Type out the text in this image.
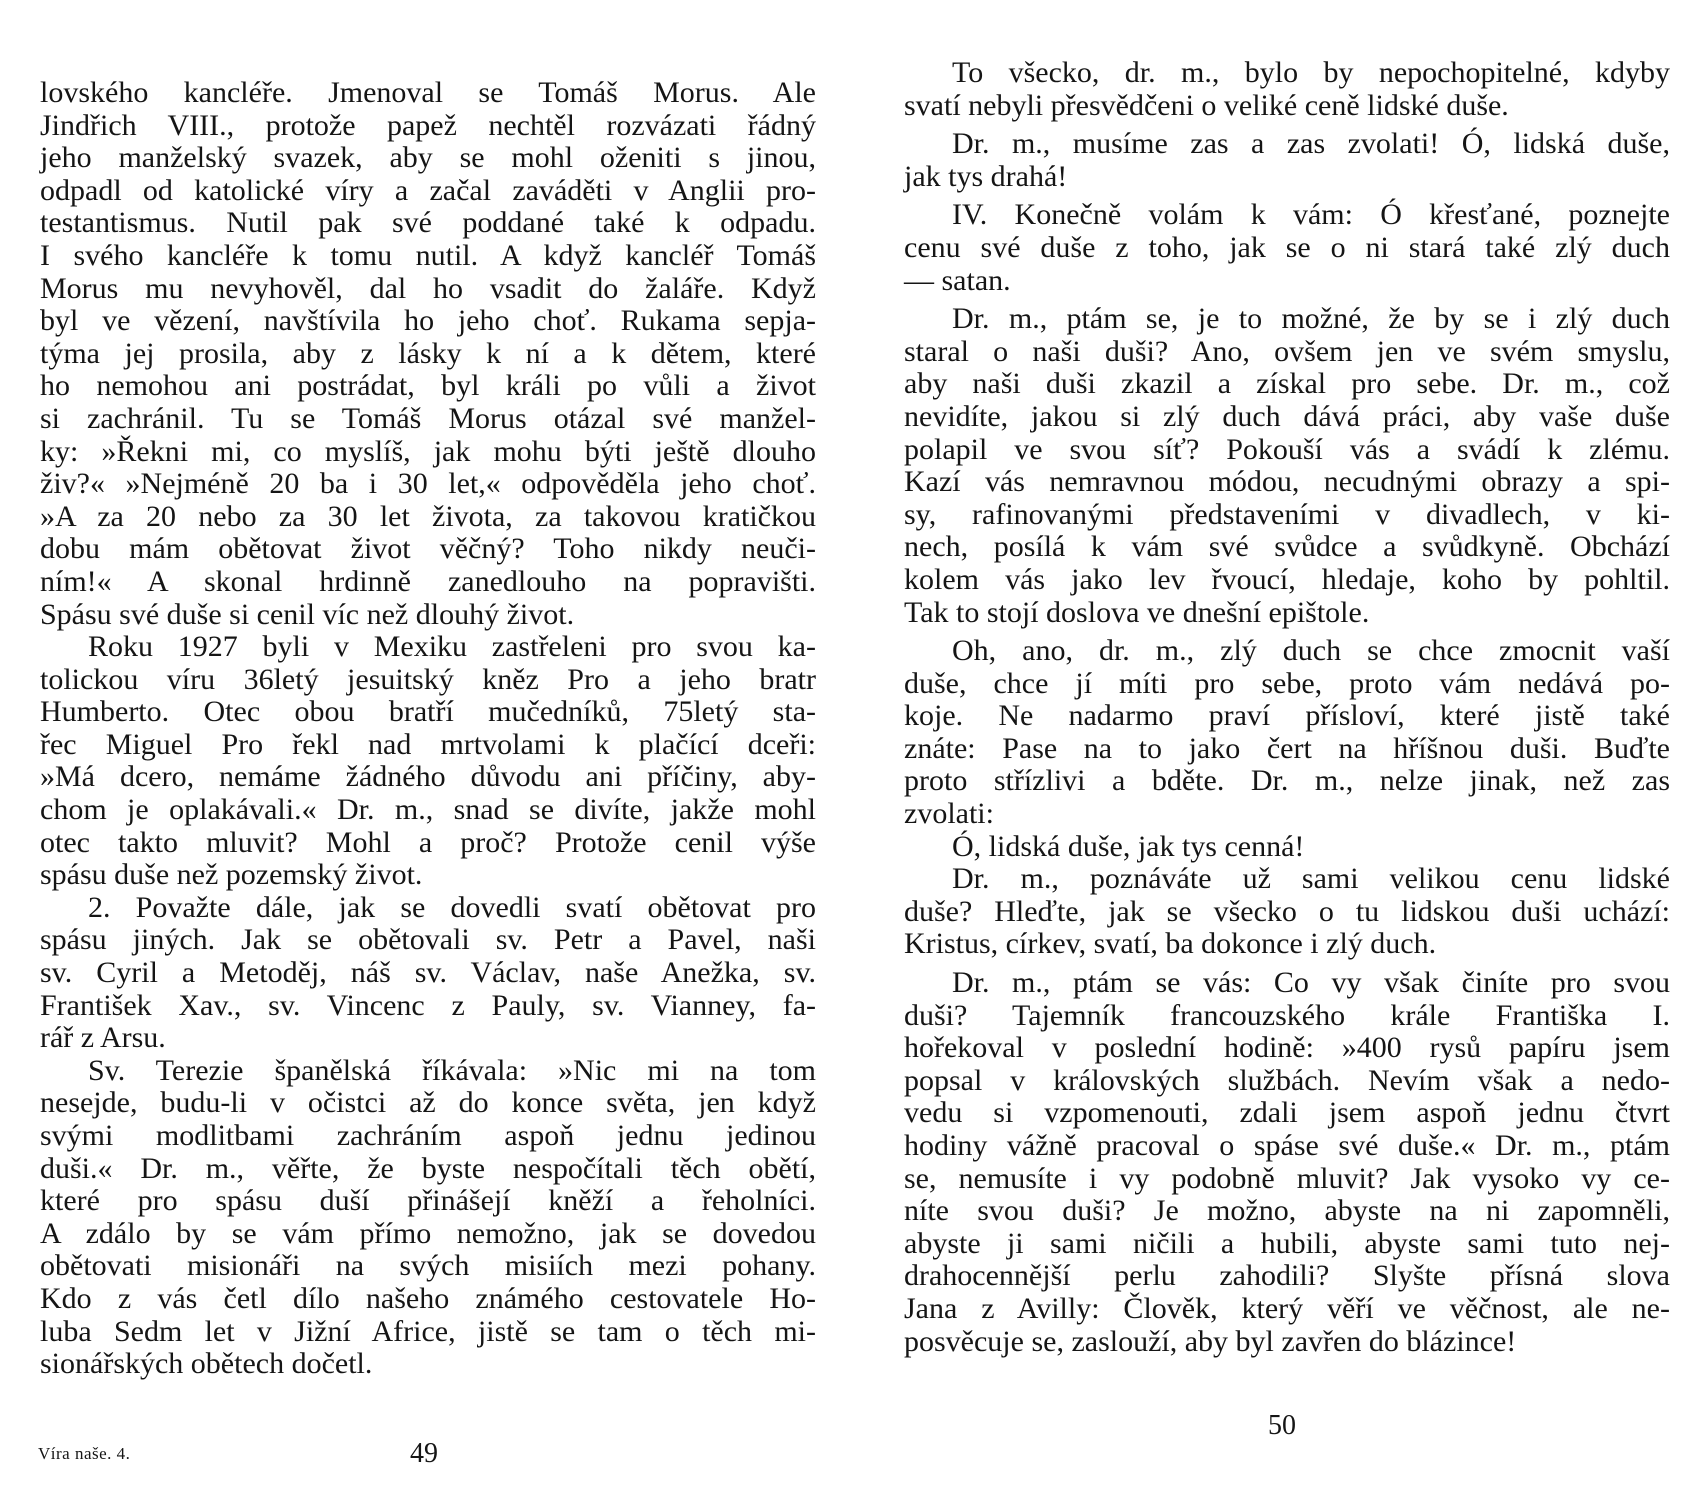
lovského kancléře. Jmenoval se Tomáš Morus. Ale
Jindřich VIII., protože papež nechtěl rozvázati řádný
jeho manželský svazek, aby se mohl oženiti s jinou,
odpadl od katolické víry a začal zaváděti v Anglii pro-
testantismus. Nutil pak své poddané také k odpadu.
I svého kancléře k tomu nutil. A když kancléř Tomáš
Morus mu nevyhověl, dal ho vsadit do žaláře. Když
byl ve vězení, navštívila ho jeho choť. Rukama sepja-
týma jej prosila, aby z lásky k ní a k dětem, které
ho nemohou ani postrádat, byl králi po vůli a život
si zachránil. Tu se Tomáš Morus otázal své manžel-
ky: »Řekni mi, co myslíš, jak mohu býti ještě dlouho
živ?« »Nejméně 20 ba i 30 let,« odpověděla jeho choť.
»A za 20 nebo za 30 let života, za takovou kratičkou
dobu mám obětovat život věčný? Toho nikdy neuči-
ním!« A skonal hrdinně zanedlouho na popravišti.
Spásu své duše si cenil víc než dlouhý život.
Roku 1927 byli v Mexiku zastřeleni pro svou ka-
tolickou víru 36letý jesuitský kněz Pro a jeho bratr
Humberto. Otec obou bratří mučedníků, 75letý sta-
řec Miguel Pro řekl nad mrtvolami k plačící dceři:
»Má dcero, nemáme žádného důvodu ani příčiny, aby-
chom je oplakávali.« Dr. m., snad se divíte, jakže mohl
otec takto mluvit? Mohl a proč? Protože cenil výše
spásu duše než pozemský život.
2. Považte dále, jak se dovedli svatí obětovat pro
spásu jiných. Jak se obětovali sv. Petr a Pavel, naši
sv. Cyril a Metoděj, náš sv. Václav, naše Anežka, sv.
František Xav., sv. Vincenc z Pauly, sv. Vianney, fa-
rář z Arsu.
Sv. Terezie španělská říkávala: »Nic mi na tom
nesejde, budu-li v očistci až do konce světa, jen když
svými modlitbami zachráním aspoň jednu jedinou
duši.« Dr. m., věřte, že byste nespočítali těch obětí,
které pro spásu duší přinášejí kněží a řeholníci.
A zdálo by se vám přímo nemožno, jak se dovedou
obětovati misionáři na svých misiích mezi pohany.
Kdo z vás četl dílo našeho známého cestovatele Ho-
luba Sedm let v Jižní Africe, jistě se tam o těch mi-
sionářských obětech dočetl.
To všecko, dr. m., bylo by nepochopitelné, kdyby
svatí nebyli přesvědčeni o veliké ceně lidské duše.
Dr. m., musíme zas a zas zvolati! Ó, lidská duše,
jak tys drahá!
IV. Konečně volám k vám: Ó křesťané, poznejte
cenu své duše z toho, jak se o ni stará také zlý duch
— satan.
Dr. m., ptám se, je to možné, že by se i zlý duch
staral o naši duši? Ano, ovšem jen ve svém smyslu,
aby naši duši zkazil a získal pro sebe. Dr. m., což
nevidíte, jakou si zlý duch dává práci, aby vaše duše
polapil ve svou síť? Pokouší vás a svádí k zlému.
Kazí vás nemravnou módou, necudnými obrazy a spi-
sy, rafinovanými představeními v divadlech, v ki-
nech, posílá k vám své svůdce a svůdkyně. Obchází
kolem vás jako lev řvoucí, hledaje, koho by pohltil.
Tak to stojí doslova ve dnešní epištole.
Oh, ano, dr. m., zlý duch se chce zmocnit vaší
duše, chce jí míti pro sebe, proto vám nedává po-
koje. Ne nadarmo praví přísloví, které jistě také
znáte: Pase na to jako čert na hříšnou duši. Buďte
proto střízlivi a bděte. Dr. m., nelze jinak, než zas
zvolati:
Ó, lidská duše, jak tys cenná!
Dr. m., poznáváte už sami velikou cenu lidské
duše? Hleďte, jak se všecko o tu lidskou duši uchází:
Kristus, církev, svatí, ba dokonce i zlý duch.
Dr. m., ptám se vás: Co vy však činíte pro svou
duši? Tajemník francouzského krále Františka I.
hořekoval v poslední hodině: »400 rysů papíru jsem
popsal v královských službách. Nevím však a nedo-
vedu si vzpomenouti, zdali jsem aspoň jednu čtvrt
hodiny vážně pracoval o spáse své duše.« Dr. m., ptám
se, nemusíte i vy podobně mluvit? Jak vysoko vy ce-
níte svou duši? Je možno, abyste na ni zapomněli,
abyste ji sami ničili a hubili, abyste sami tuto nej-
drahocennější perlu zahodili? Slyšte přísná slova
Jana z Avilly: Člověk, který věří ve věčnost, ale ne-
posvěcuje se, zaslouží, aby byl zavřen do blázince!
Víra naše. 4.	49
50
